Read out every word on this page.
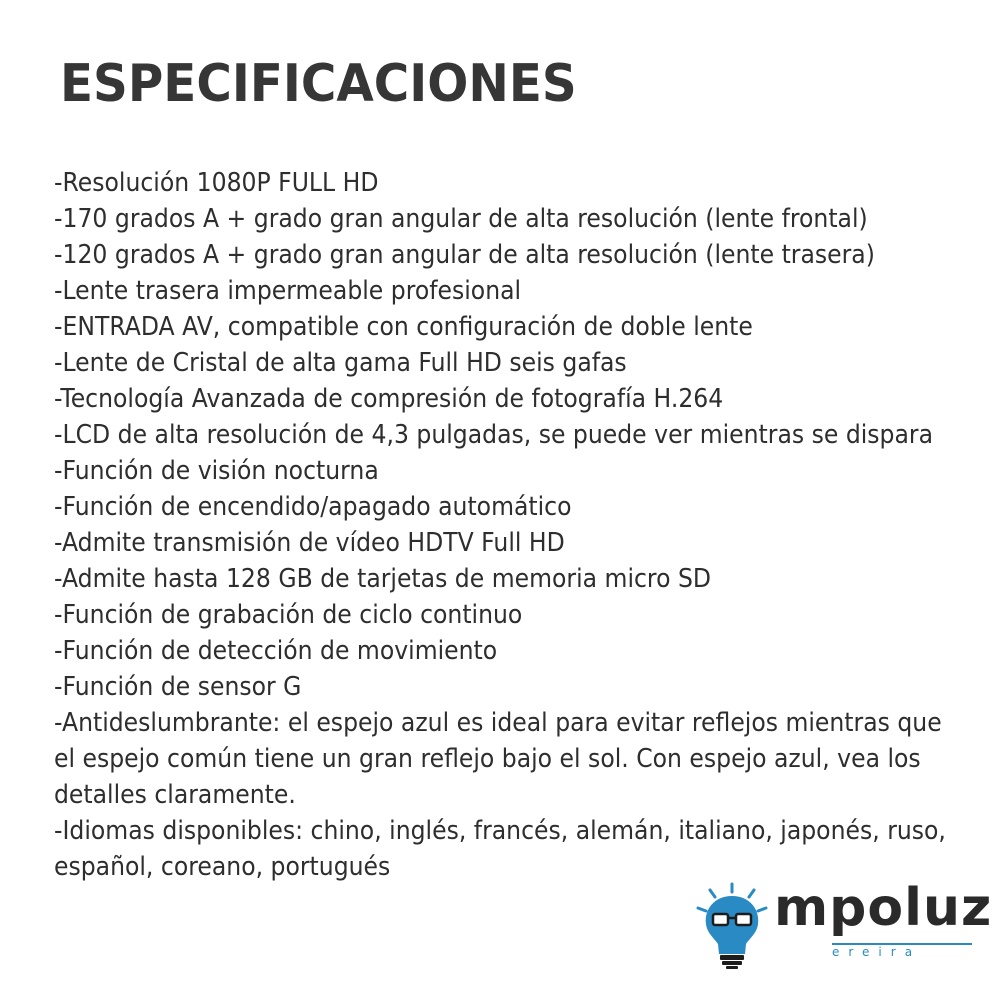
ESPECIFICACIONES
-Resolución 1080P FULL HD
-170 grados A + grado gran angular de alta resolución (lente frontal)
-120 grados A + grado gran angular de alta resolución (lente trasera)
-Lente trasera impermeable profesional
-ENTRADA AV, compatible con configuración de doble lente
-Lente de Cristal de alta gama Full HD seis gafas
-Tecnología Avanzada de compresión de fotografía H.264
-LCD de alta resolución de 4,3 pulgadas, se puede ver mientras se dispara
-Función de visión nocturna
-Función de encendido/apagado automático
-Admite transmisión de vídeo HDTV Full HD
-Admite hasta 128 GB de tarjetas de memoria micro SD
-Función de grabación de ciclo continuo
-Función de detección de movimiento
-Función de sensor G
-Antideslumbrante: el espejo azul es ideal para evitar reflejos mientras que
el espejo común tiene un gran reflejo bajo el sol. Con espejo azul, vea los
detalles claramente.
-Idiomas disponibles: chino, inglés, francés, alemán, italiano, japonés, ruso,
español, coreano, portugués
mpoluz
ereira
